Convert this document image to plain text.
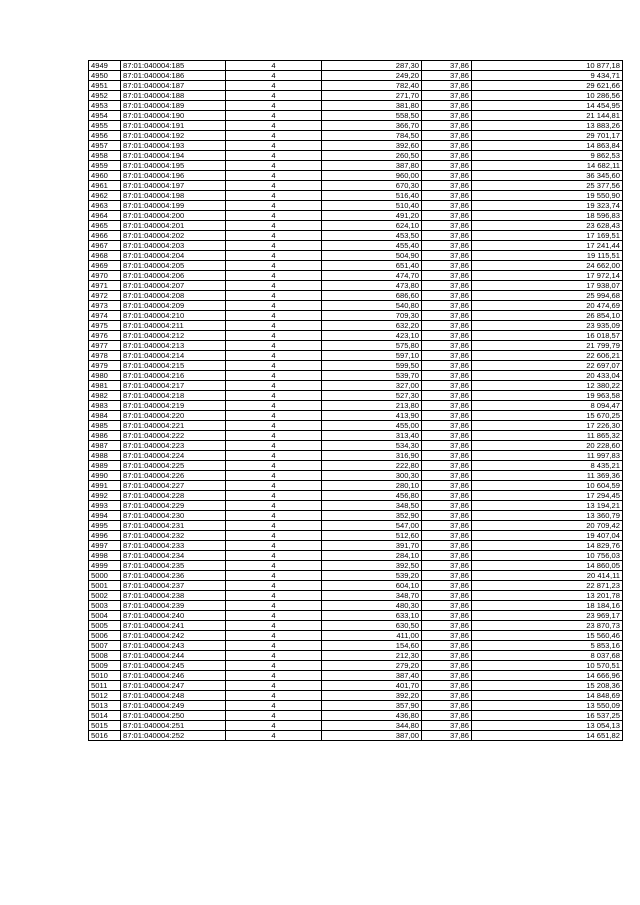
4949	87:01:040004:185	4	287,30	37,86	10 877,18
4950	87:01:040004:186	4	249,20	37,86	9 434,71
4951	87:01:040004:187	4	782,40	37,86	29 621,66
4952	87:01:040004:188	4	271,70	37,86	10 286,56
4953	87:01:040004:189	4	381,80	37,86	14 454,95
4954	87:01:040004:190	4	558,50	37,86	21 144,81
4955	87:01:040004:191	4	366,70	37,86	13 883,26
4956	87:01:040004:192	4	784,50	37,86	29 701,17
4957	87:01:040004:193	4	392,60	37,86	14 863,84
4958	87:01:040004:194	4	260,50	37,86	9 862,53
4959	87:01:040004:195	4	387,80	37,86	14 682,11
4960	87:01:040004:196	4	960,00	37,86	36 345,60
4961	87:01:040004:197	4	670,30	37,86	25 377,56
4962	87:01:040004:198	4	516,40	37,86	19 550,90
4963	87:01:040004:199	4	510,40	37,86	19 323,74
4964	87:01:040004:200	4	491,20	37,86	18 596,83
4965	87:01:040004:201	4	624,10	37,86	23 628,43
4966	87:01:040004:202	4	453,50	37,86	17 169,51
4967	87:01:040004:203	4	455,40	37,86	17 241,44
4968	87:01:040004:204	4	504,90	37,86	19 115,51
4969	87:01:040004:205	4	651,40	37,86	24 662,00
4970	87:01:040004:206	4	474,70	37,86	17 972,14
4971	87:01:040004:207	4	473,80	37,86	17 938,07
4972	87:01:040004:208	4	686,60	37,86	25 994,68
4973	87:01:040004:209	4	540,80	37,86	20 474,69
4974	87:01:040004:210	4	709,30	37,86	26 854,10
4975	87:01:040004:211	4	632,20	37,86	23 935,09
4976	87:01:040004:212	4	423,10	37,86	16 018,57
4977	87:01:040004:213	4	575,80	37,86	21 799,79
4978	87:01:040004:214	4	597,10	37,86	22 606,21
4979	87:01:040004:215	4	599,50	37,86	22 697,07
4980	87:01:040004:216	4	539,70	37,86	20 433,04
4981	87:01:040004:217	4	327,00	37,86	12 380,22
4982	87:01:040004:218	4	527,30	37,86	19 963,58
4983	87:01:040004:219	4	213,80	37,86	8 094,47
4984	87:01:040004:220	4	413,90	37,86	15 670,25
4985	87:01:040004:221	4	455,00	37,86	17 226,30
4986	87:01:040004:222	4	313,40	37,86	11 865,32
4987	87:01:040004:223	4	534,30	37,86	20 228,60
4988	87:01:040004:224	4	316,90	37,86	11 997,83
4989	87:01:040004:225	4	222,80	37,86	8 435,21
4990	87:01:040004:226	4	300,30	37,86	11 369,36
4991	87:01:040004:227	4	280,10	37,86	10 604,59
4992	87:01:040004:228	4	456,80	37,86	17 294,45
4993	87:01:040004:229	4	348,50	37,86	13 194,21
4994	87:01:040004:230	4	352,90	37,86	13 360,79
4995	87:01:040004:231	4	547,00	37,86	20 709,42
4996	87:01:040004:232	4	512,60	37,86	19 407,04
4997	87:01:040004:233	4	391,70	37,86	14 829,76
4998	87:01:040004:234	4	284,10	37,86	10 756,03
4999	87:01:040004:235	4	392,50	37,86	14 860,05
5000	87:01:040004:236	4	539,20	37,86	20 414,11
5001	87:01:040004:237	4	604,10	37,86	22 871,23
5002	87:01:040004:238	4	348,70	37,86	13 201,78
5003	87:01:040004:239	4	480,30	37,86	18 184,16
5004	87:01:040004:240	4	633,10	37,86	23 969,17
5005	87:01:040004:241	4	630,50	37,86	23 870,73
5006	87:01:040004:242	4	411,00	37,86	15 560,46
5007	87:01:040004:243	4	154,60	37,86	5 853,16
5008	87:01:040004:244	4	212,30	37,86	8 037,68
5009	87:01:040004:245	4	279,20	37,86	10 570,51
5010	87:01:040004:246	4	387,40	37,86	14 666,96
5011	87:01:040004:247	4	401,70	37,86	15 208,36
5012	87:01:040004:248	4	392,20	37,86	14 848,69
5013	87:01:040004:249	4	357,90	37,86	13 550,09
5014	87:01:040004:250	4	436,80	37,86	16 537,25
5015	87:01:040004:251	4	344,80	37,86	13 054,13
5016	87:01:040004:252	4	387,00	37,86	14 651,82
